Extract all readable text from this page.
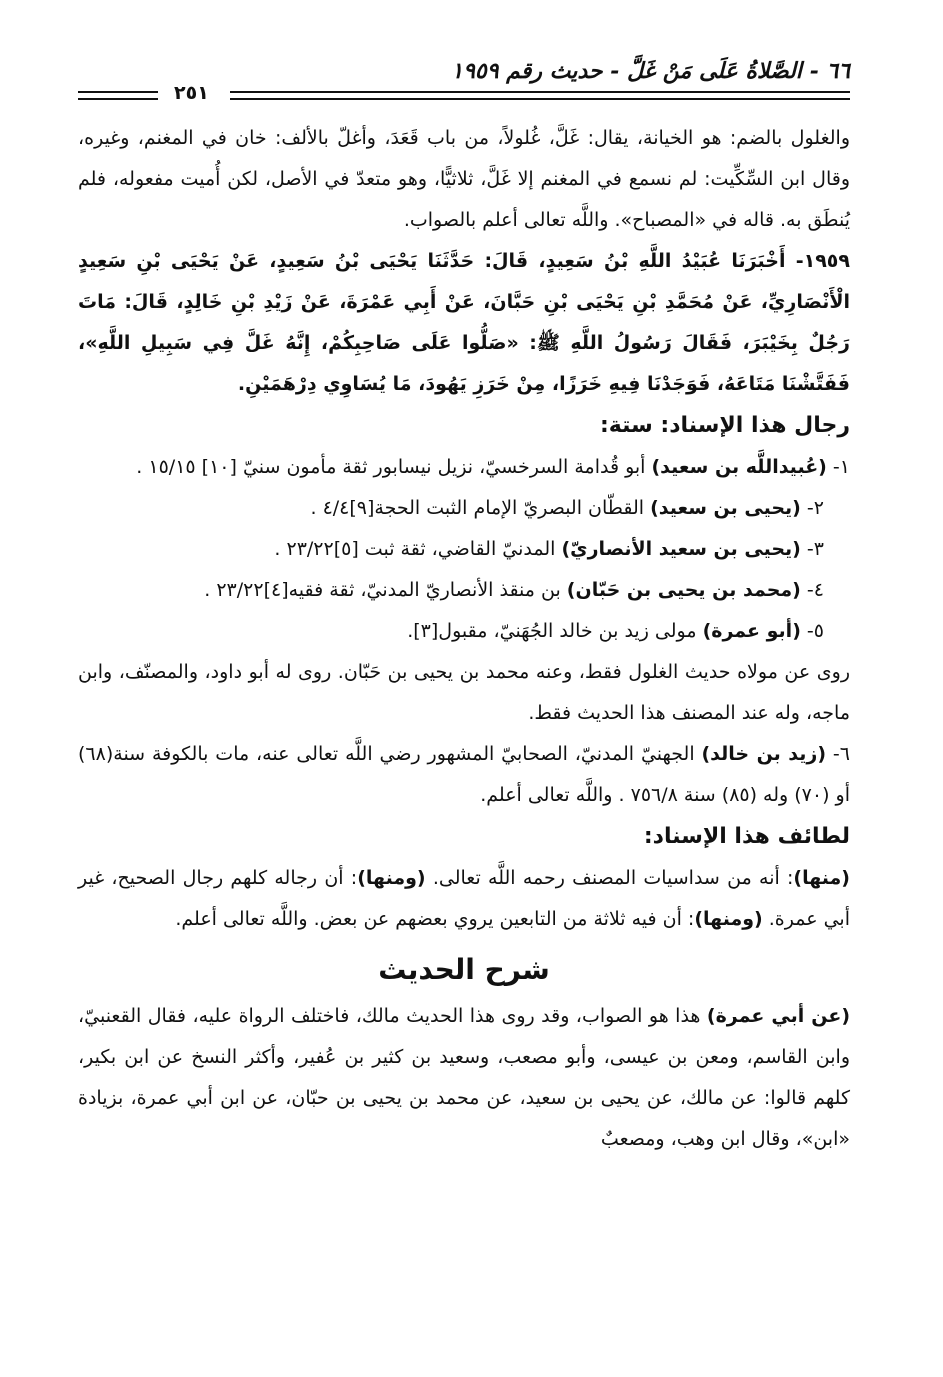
٦٦ - الصَّلاةُ عَلَى مَنْ غَلَّ - حديث رقم ١٩٥٩
٢٥١

والغلول بالضم: هو الخيانة، يقال: غَلَّ، غُلولاً، من باب قَعَدَ، وأغلّ بالألف: خان في المغنم، وغيره، وقال ابن السِّكِّيت: لم نسمع في المغنم إلا غَلَّ، ثلاثيًّا، وهو متعدّ في الأصل، لكن أُميت مفعوله، فلم يُنطَق به. قاله في «المصباح». واللَّه تعالى أعلم بالصواب.

١٩٥٩- أَخْبَرَنَا عُبَيْدُ اللَّهِ بْنُ سَعِيدٍ، قَالَ: حَدَّثَنَا يَحْيَى بْنُ سَعِيدٍ، عَنْ يَحْيَى بْنِ سَعِيدٍ الْأَنْصَارِيِّ، عَنْ مُحَمَّدِ بْنِ يَحْيَى بْنِ حَبَّانَ، عَنْ أَبِي عَمْرَةَ، عَنْ زَيْدِ بْنِ خَالِدٍ، قَالَ: مَاتَ رَجُلٌ بِخَيْبَرَ، فَقَالَ رَسُولُ اللَّهِ ﷺ: «صَلُّوا عَلَى صَاحِبِكُمْ، إِنَّهُ غَلَّ فِي سَبِيلِ اللَّهِ»، فَفَتَّشْنَا مَتَاعَهُ، فَوَجَدْنَا فِيهِ خَرَزًا، مِنْ خَرَزِ يَهُودَ، مَا يُسَاوِي دِرْهَمَيْنِ.

رجال هذا الإسناد: ستة:
١- (عُبيداللَّه بن سعيد) أبو قُدامة السرخسيّ، نزيل نيسابور ثقة مأمون سنيّ [١٠] ١٥/١٥ .
٢- (يحيى بن سعيد) القطّان البصريّ الإمام الثبت الحجة[٩]٤/٤ .
٣- (يحيى بن سعيد الأنصاريّ) المدنيّ القاضي، ثقة ثبت [٥]٢٣/٢٢ .
٤- (محمد بن يحيى بن حَبّان) بن منقذ الأنصاريّ المدنيّ، ثقة فقيه[٤]٢٣/٢٢ .
٥- (أبو عمرة) مولى زيد بن خالد الجُهَنيّ، مقبول[٣].

روى عن مولاه حديث الغلول فقط، وعنه محمد بن يحيى بن حَبّان. روى له أبو داود، والمصنّف، وابن ماجه، وله عند المصنف هذا الحديث فقط.

٦- (زيد بن خالد) الجهنيّ المدنيّ، الصحابيّ المشهور رضي اللَّه تعالى عنه، مات بالكوفة سنة(٦٨) أو (٧٠) وله (٨٥) سنة ٧٥٦/٨ . واللَّه تعالى أعلم.

لطائف هذا الإسناد:

(منها): أنه من سداسيات المصنف رحمه اللَّه تعالى. (ومنها): أن رجاله كلهم رجال الصحيح، غير أبي عمرة. (ومنها): أن فيه ثلاثة من التابعين يروي بعضهم عن بعض. واللَّه تعالى أعلم.

شرح الحديث

(عن أبي عمرة) هذا هو الصواب، وقد روى هذا الحديث مالك، فاختلف الرواة عليه، فقال القعنبيّ، وابن القاسم، ومعن بن عيسى، وأبو مصعب، وسعيد بن كثير بن عُفير، وأكثر النسخ عن ابن بكير، كلهم قالوا: عن مالك، عن يحيى بن سعيد، عن محمد بن يحيى بن حبّان، عن ابن أبي عمرة، بزيادة «ابن»، وقال ابن وهب، ومصعبٌ
